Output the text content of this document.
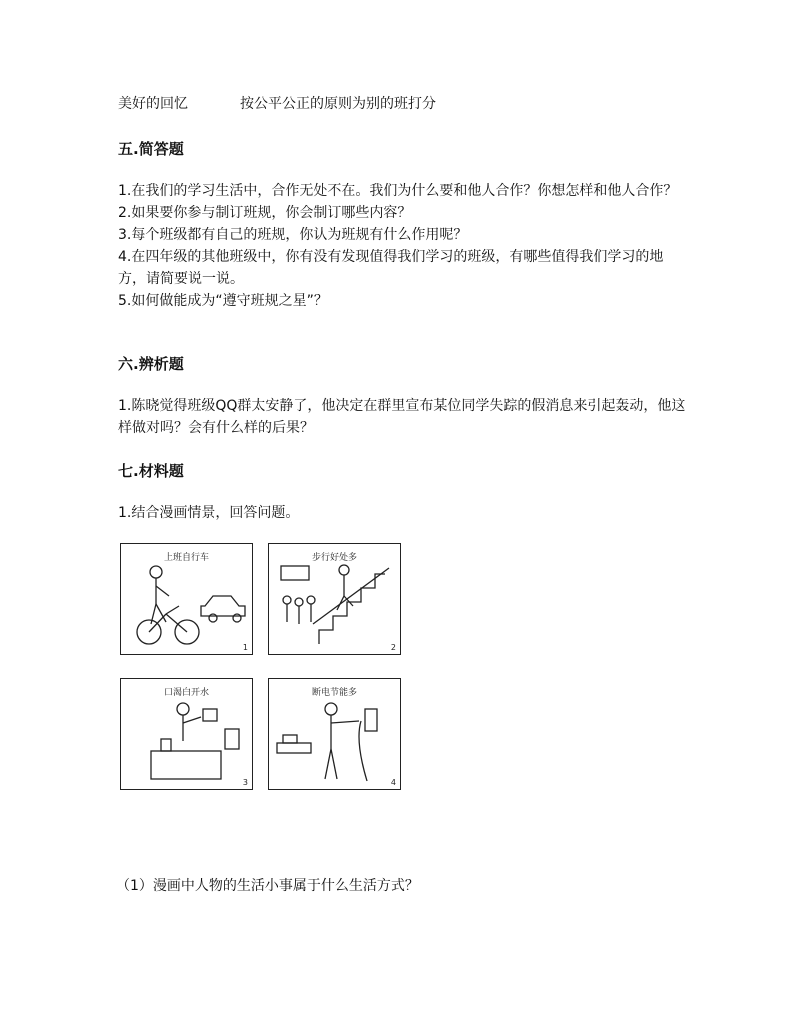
美好的回忆	按公平公正的原则为别的班打分
五.简答题
1.在我们的学习生活中，合作无处不在。我们为什么要和他人合作？你想怎样和他人合作？
2.如果要你参与制订班规，你会制订哪些内容？
3.每个班级都有自己的班规，你认为班规有什么作用呢？
4.在四年级的其他班级中，你有没有发现值得我们学习的班级，有哪些值得我们学习的地方，请简要说一说。
5.如何做能成为“遵守班规之星”？
六.辨析题
1.陈晓觉得班级QQ群太安静了，他决定在群里宣布某位同学失踪的假消息来引起轰动，他这样做对吗？会有什么样的后果？
七.材料题
1.结合漫画情景，回答问题。
上班自行车
1
步行好处多
2
口渴白开水
3
断电节能多
4
（1）漫画中人物的生活小事属于什么生活方式？
